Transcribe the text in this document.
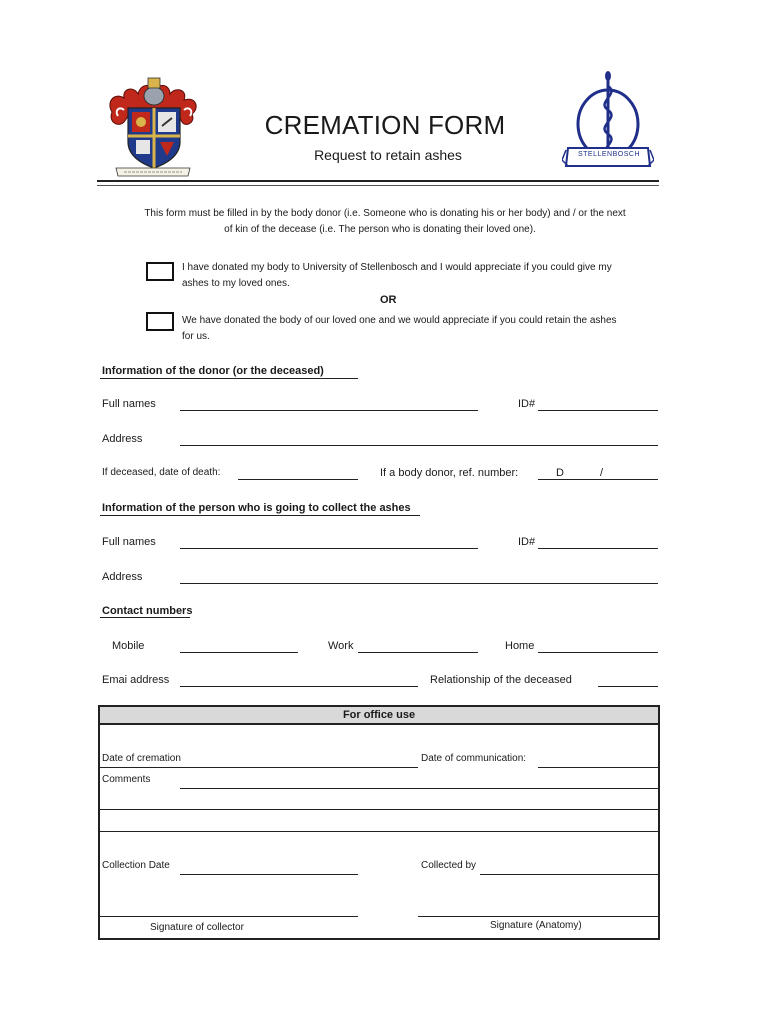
CREMATION FORM
Request to retain ashes	STELLENBOSCH
This form must be filled in by the body donor (i.e. Someone who is donating his or her body) and / or the next
of kin of the decease (i.e. The person who is donating their loved one).
I have donated my body to University of Stellenbosch and I would appreciate if you could give my
ashes to my loved ones.
OR
We have donated the body of our loved one and we would appreciate if you could retain the ashes
for us.
Information of the donor (or the deceased)
Full names	ID#
Address
If deceased, date of death:	If a body donor, ref. number:	D	/
Information of the person who is going to collect the ashes
Full names	ID#
Address
Contact numbers
Mobile	Work	Home
Emai address	Relationship of the deceased
For office use
Date of cremation	Date of communication:
Comments
Collection Date	Collected by
Signature of collector	Signature (Anatomy)
